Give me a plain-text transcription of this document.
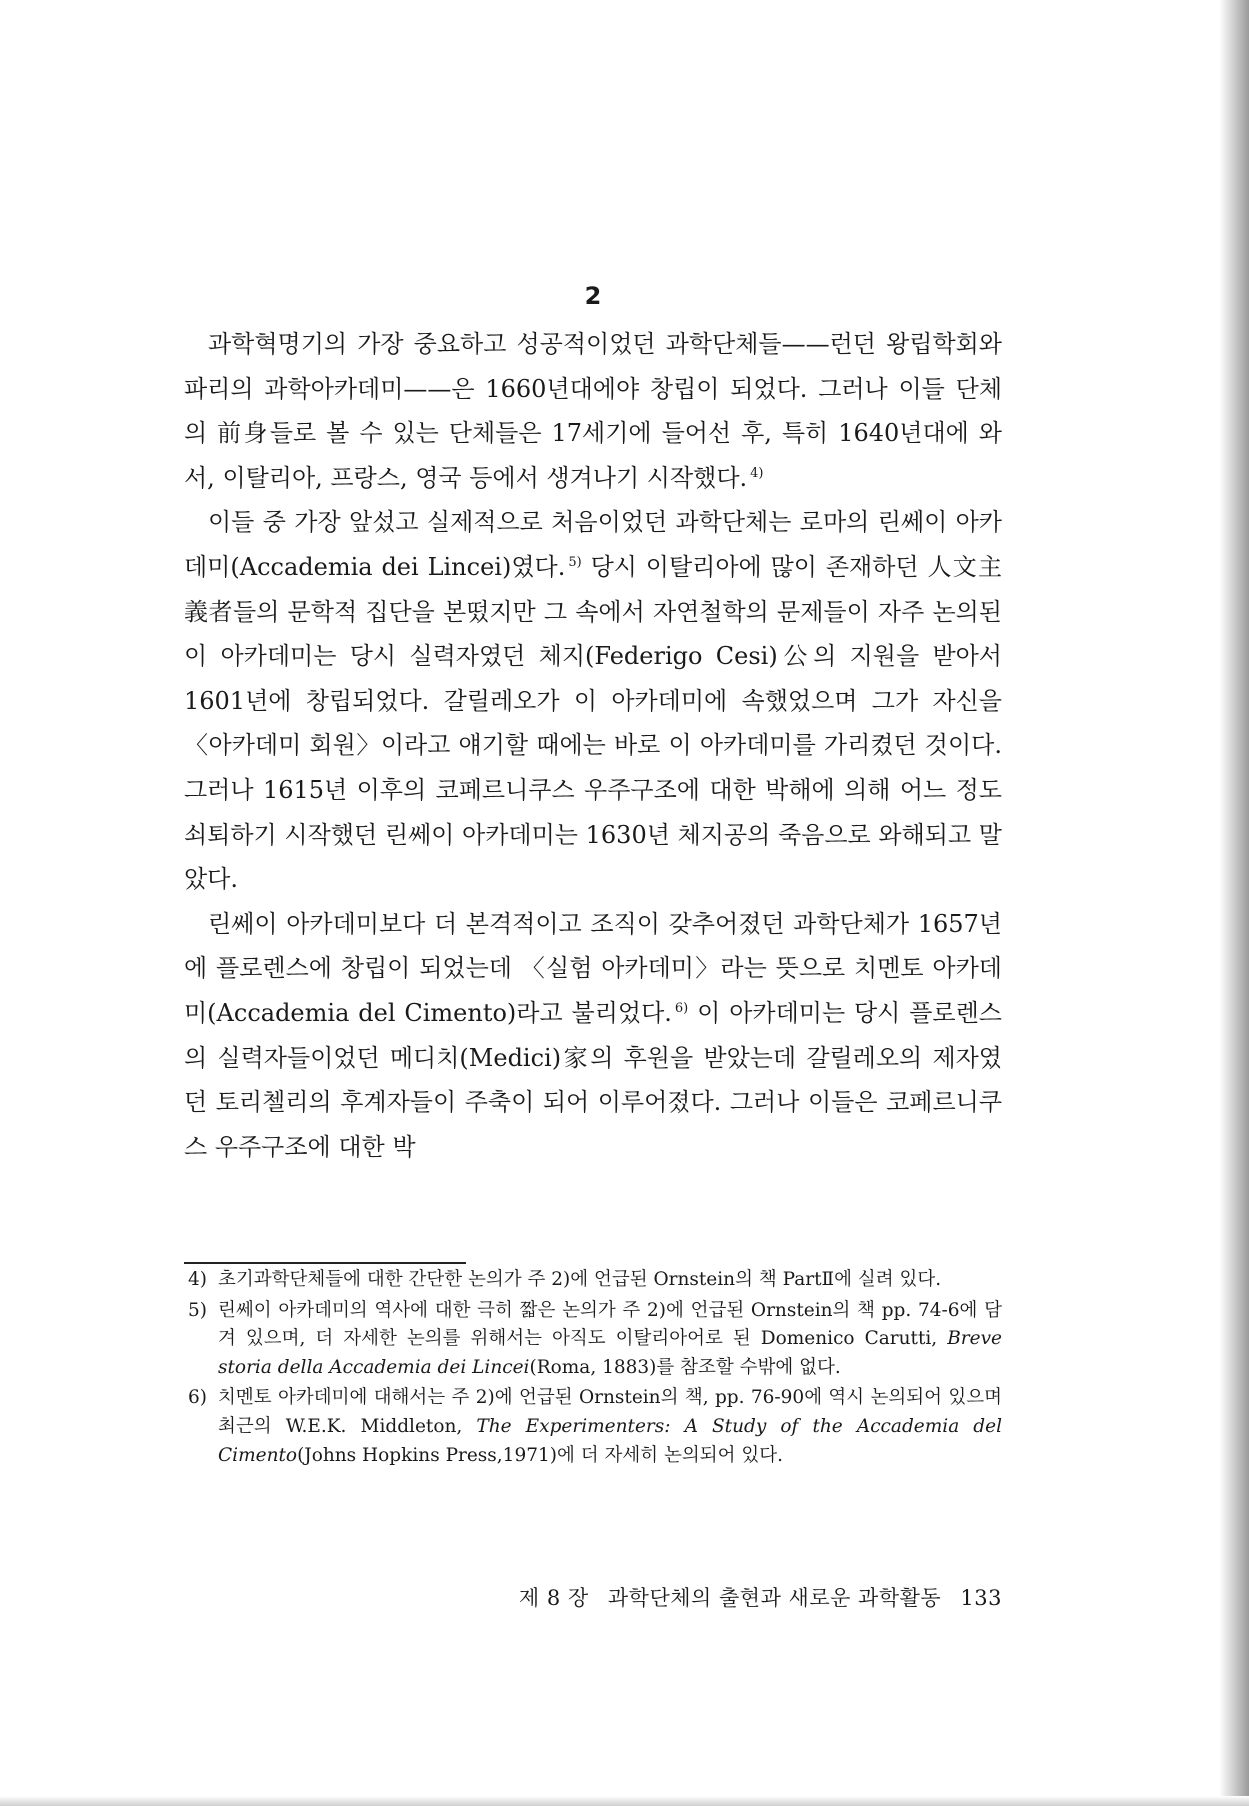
2

과학혁명기의 가장 중요하고 성공적이었던 과학단체들——런던 왕립학회와 파리의 과학아카데미——은 1660년대에야 창립이 되었다. 그러나 이들 단체의 前身들로 볼 수 있는 단체들은 17세기에 들어선 후, 특히 1640년대에 와서, 이탈리아, 프랑스, 영국 등에서 생겨나기 시작했다. $^{4)}$

이들 중 가장 앞섰고 실제적으로 처음이었던 과학단체는 로마의 린쎄이 아카데미(Accademia dei Lincei)였다. $^{5)}$ 당시 이탈리아에 많이 존재하던 人文主義者들의 문학적 집단을 본떴지만 그 속에서 자연철학의 문제들이 자주 논의된 이 아카데미는 당시 실력자였던 체지(Federigo Cesi)公의 지원을 받아서 1601년에 창립되었다. 갈릴레오가 이 아카데미에 속했었으며 그가 자신을 〈아카데미 회원〉이라고 얘기할 때에는 바로 이 아카데미를 가리켰던 것이다. 그러나 1615년 이후의 코페르니쿠스 우주구조에 대한 박해에 의해 어느 정도 쇠퇴하기 시작했던 린쎄이 아카데미는 1630년 체지공의 죽음으로 와해되고 말았다.

린쎄이 아카데미보다 더 본격적이고 조직이 갖추어졌던 과학단체가 1657년에 플로렌스에 창립이 되었는데 〈실험 아카데미〉라는 뜻으로 치멘토 아카데미(Accademia del Cimento)라고 불리었다. $^{6)}$ 이 아카데미는 당시 플로렌스의 실력자들이었던 메디치(Medici)家의 후원을 받았는데 갈릴레오의 제자였던 토리첼리의 후계자들이 주축이 되어 이루어졌다. 그러나 이들은 코페르니쿠스 우주구조에 대한 박

4) 초기과학단체들에 대한 간단한 논의가 주 2)에 언급된 Ornstein의 책 PartⅡ에 실려 있다.
5) 린쎄이 아카데미의 역사에 대한 극히 짧은 논의가 주 2)에 언급된 Ornstein의 책 pp. 74-6에 담겨 있으며, 더 자세한 논의를 위해서는 아직도 이탈리아어로 된 Domenico Carutti, Breve storia della Accademia dei Lincei(Roma, 1883)를 참조할 수밖에 없다.
6) 치멘토 아카데미에 대해서는 주 2)에 언급된 Ornstein의 책, pp. 76-90에 역시 논의되어 있으며 최근의 W.E.K. Middleton, The Experimenters: A Study of the Accademia del Cimento(Johns Hopkins Press,1971)에 더 자세히 논의되어 있다.
제 8 장 과학단체의 출현과 새로운 과학활동 133
